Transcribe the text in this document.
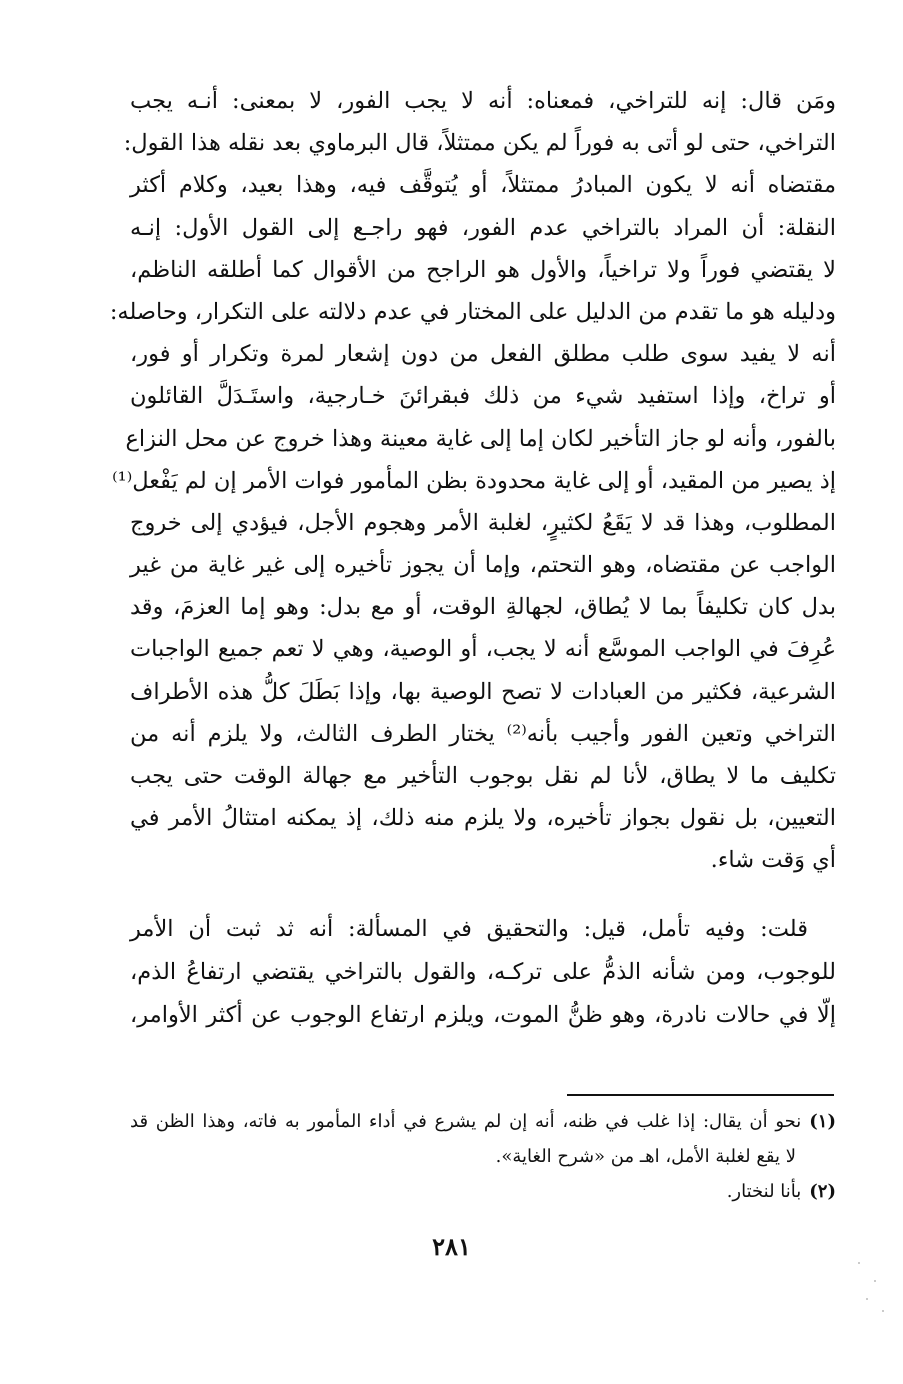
ومَن قال: إنه للتراخي، فمعناه: أنه لا يجب الفور، لا بمعنى: أنـه يجب
التراخي، حتى لو أتى به فوراً لم يكن ممتثلاً، قال البرماوي بعد نقله هذا القول:
مقتضاه أنه لا يكون المبادرُ ممتثلاً، أو يُتوقَّف فيه، وهذا بعيد، وكلام أكثر
النقلة: أن المراد بالتراخي عدم الفور، فهو راجـع إلى القول الأول: إنـه
لا يقتضي فوراً ولا تراخياً، والأول هو الراجح من الأقوال كما أطلقه الناظم،
ودليله هو ما تقدم من الدليل على المختار في عدم دلالته على التكرار، وحاصله:
أنه لا يفيد سوى طلب مطلق الفعل من دون إشعار لمرة وتكرار أو فور،
أو تراخ، وإذا استفيد شيء من ذلك فبقرائنَ خـارجية، واستَـدَلَّ القائلون
بالفور، وأنه لو جاز التأخير لكان إما إلى غاية معينة وهذا خروج عن محل النزاع
إذ يصير من المقيد، أو إلى غاية محدودة بظن المأمور فوات الأمر إن لم يَفْعل⁽¹⁾
المطلوب، وهذا قد لا يَقَعُ لكثيرٍ، لغلبة الأمر وهجوم الأجل، فيؤدي إلى خروج
الواجب عن مقتضاه، وهو التحتم، وإما أن يجوز تأخيره إلى غير غاية من غير
بدل كان تكليفاً بما لا يُطاق، لجهالةِ الوقت، أو مع بدل: وهو إما العزمَ، وقد
عُرِفَ في الواجب الموسَّع أنه لا يجب، أو الوصية، وهي لا تعم جميع الواجبات
الشرعية، فكثير من العبادات لا تصح الوصية بها، وإذا بَطَلَ كلُّ هذه الأطراف
التراخي وتعين الفور وأجيب بأنه⁽²⁾ يختار الطرف الثالث، ولا يلزم أنه من
تكليف ما لا يطاق، لأنا لم نقل بوجوب التأخير مع جهالة الوقت حتى يجب
التعيين، بل نقول بجواز تأخيره، ولا يلزم منه ذلك، إذ يمكنه امتثالُ الأمر في
أي وَقت شاء.
قلت: وفيه تأمل، قيل: والتحقيق في المسألة: أنه ثد ثبت أن الأمر
للوجوب، ومن شأنه الذمُّ على تركـه، والقول بالتراخي يقتضي ارتفاعُ الذم،
إلّا في حالات نادرة، وهو ظنُّ الموت، ويلزم ارتفاع الوجوب عن أكثر الأوامر،
(١)نحو أن يقال: إذا غلب في ظنه، أنه إن لم يشرع في أداء المأمور به فاته، وهذا الظن قد
لا يقع لغلبة الأمل، اهـ من «شرح الغاية».
(٢)بأنا لنختار.
٢٨١
